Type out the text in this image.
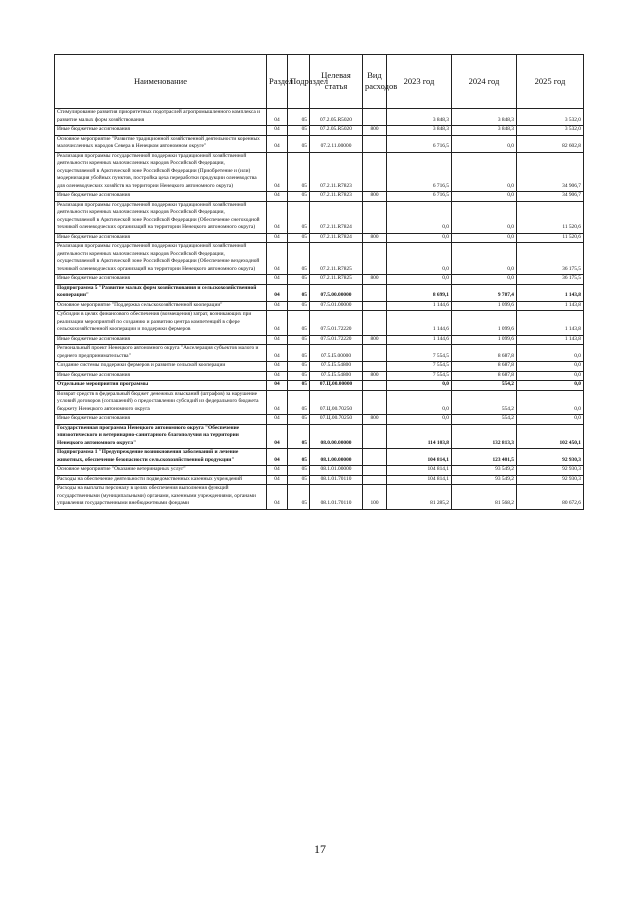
Наименование	Раздел	Подраздел	Целевая статья	Вид расходов	2023 год	2024 год	2025 год
Стимулирование развития приоритетных подотраслей агропромышленного комплекса и развитие малых форм хозяйствования	04	05	07.2.05.R5020		3 848,3	3 848,3	3 532,0
Иные бюджетные ассигнования	04	05	07.2.05.R5020	800	3 848,3	3 848,3	3 532,0
Основное мероприятие "Развитие традиционной хозяйственной деятельности коренных малочисленных народов Севера в Ненецком автономном округе"	04	05	07.2.11.00000		6 716,5	0,0	82 602,8
Реализация программы государственной поддержки традиционной хозяйственной деятельности коренных малочисленных народов Российской Федерации, осуществляемой в Арктической зоне Российской Федерации (Приобретение и (или) модернизация убойных пунктов, постройка цеха переработки продукции оленеводства для оленеводческих хозяйств на территории Ненецкого автономного округа)	04	05	07.2.11.R7823		6 716,5	0,0	34 906,7
Иные бюджетные ассигнования	04	05	07.2.11.R7823	800	6 716,5	0,0	34 906,7
Реализация программы государственной поддержки традиционной хозяйственной деятельности коренных малочисленных народов Российской Федерации, осуществляемой в Арктической зоне Российской Федерации (Обеспечение снегоходной техникой оленеводческих организаций на территории Ненецкого автономного округа)	04	05	07.2.11.R7824		0,0	0,0	11 520,6
Иные бюджетные ассигнования	04	05	07.2.11.R7824	800	0,0	0,0	11 520,6
Реализация программы государственной поддержки традиционной хозяйственной деятельности коренных малочисленных народов Российской Федерации, осуществляемой в Арктической зоне Российской Федерации (Обеспечение вездеходной техникой оленеводческих организаций на территории Ненецкого автономного округа)	04	05	07.2.11.R7825		0,0	0,0	36 175,5
Иные бюджетные ассигнования	04	05	07.2.11.R7825	800	0,0	0,0	36 175,5
Подпрограмма 5 "Развитие малых форм хозяйствования и сельскохозяйственной кооперации"	04	05	07.5.00.00000		8 699,1	9 787,4	1 143,8
Основное мероприятие "Поддержка сельскохозяйственной кооперации"	04	05	07.5.01.00000		1 144,6	1 099,6	1 143,8
Субсидии в целях финансового обеспечения (возмещения) затрат, возникающих при реализации мероприятий по созданию и развитию центра компетенций в сфере сельскохозяйственной кооперации и поддержки фермеров	04	05	07.5.01.72220		1 144,6	1 099,6	1 143,8
Иные бюджетные ассигнования	04	05	07.5.01.72220	800	1 144,6	1 099,6	1 143,8
Региональный проект Ненецкого автономного округа "Акселерация субъектов малого и среднего предпринимательства"	04	05	07.5.I5.00000		7 554,5	8 687,8	0,0
Создание системы поддержки фермеров и развитие сельской кооперации	04	05	07.5.I5.54800		7 554,5	8 687,8	0,0
Иные бюджетные ассигнования	04	05	07.5.I5.54800	800	7 554,5	8 687,8	0,0
Отдельные мероприятия программы	04	05	07.Ц.00.00000		0,0	554,2	0,0
Возврат средств в федеральный бюджет денежных взысканий (штрафов) за нарушение условий договоров (соглашений) о предоставлении субсидий из федерального бюджета бюджету Ненецкого автономного округа	04	05	07.Ц.00.70250		0,0	554,2	0,0
Иные бюджетные ассигнования	04	05	07.Ц.00.70250	800	0,0	554,2	0,0
Государственная программа Ненецкого автономного округа "Обеспечение эпизоотического и ветеринарно-санитарного благополучия на территории Ненецкого автономного округа"	04	05	08.0.00.00000		114 103,8	132 813,3	102 450,1
Подпрограмма 1 "Предупреждение возникновения заболеваний и лечение животных, обеспечение безопасности сельскохозяйственной продукции"	04	05	08.1.00.00000		104 814,1	123 401,5	92 930,3
Основное мероприятие "Оказание ветеринарных услуг"	04	05	08.1.01.00000		104 814,1	93 549,2	92 930,3
Расходы на обеспечение деятельности подведомственных казенных учреждений	04	05	08.1.01.70110		104 814,1	93 549,2	92 930,3
Расходы на выплаты персоналу в целях обеспечения выполнения функций государственными (муниципальными) органами, казенными учреждениями, органами управления государственными внебюджетными фондами	04	05	08.1.01.70110	100	81 285,2	81 568,2	80 672,6
17
